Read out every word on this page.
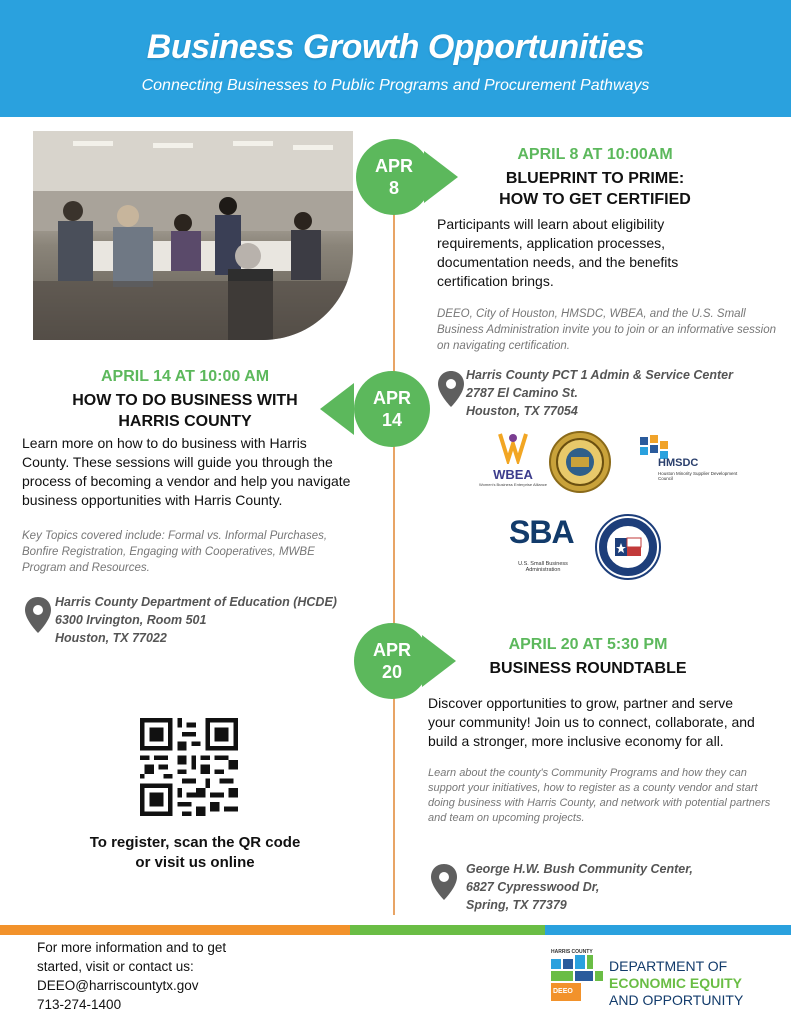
Business Growth Opportunities
Connecting Businesses to Public Programs and Procurement Pathways
APR
8
APRIL 8 AT 10:00AM
BLUEPRINT TO PRIME:
HOW TO GET CERTIFIED
Participants will learn about eligibility requirements, application processes, documentation needs, and the benefits certification brings.
DEEO, City of Houston, HMSDC, WBEA, and the U.S. Small Business Administration invite you to join or an informative session on navigating certification.
Harris County PCT 1 Admin & Service Center
2787 El Camino St.
Houston, TX 77054
WBEA
Women's Business Enterprise Alliance
HMSDC
Houston Minority Supplier Development Council
SBA
U.S. Small Business Administration
APRIL 14 AT 10:00 AM
HOW TO DO BUSINESS WITH
HARRIS COUNTY
APR
14
Learn more on how to do business with Harris County. These sessions will guide you through the process of becoming a vendor and help you navigate business opportunities with Harris County.
Key Topics covered include: Formal vs. Informal Purchases, Bonfire Registration, Engaging with Cooperatives, MWBE Program and Resources.
Harris County Department of Education (HCDE)
6300 Irvington, Room 501
Houston, TX 77022
APR
20
APRIL 20 AT 5:30 PM
BUSINESS ROUNDTABLE
Discover opportunities to grow, partner and serve your community! Join us to connect, collaborate, and build a stronger, more inclusive economy for all.
Learn about the county's Community Programs and how they can support your initiatives, how to register as a county vendor and start doing business with Harris County, and network with potential partners and team on upcoming projects.
George H.W. Bush Community Center,
6827 Cypresswood Dr,
Spring, TX 77379
To register, scan the QR code
or visit us online
For more information and to get
started, visit or contact us:
DEEO@harriscountytx.gov
713-274-1400
HARRIS COUNTY
DEEO
DEPARTMENT OF
ECONOMIC EQUITY
AND OPPORTUNITY
